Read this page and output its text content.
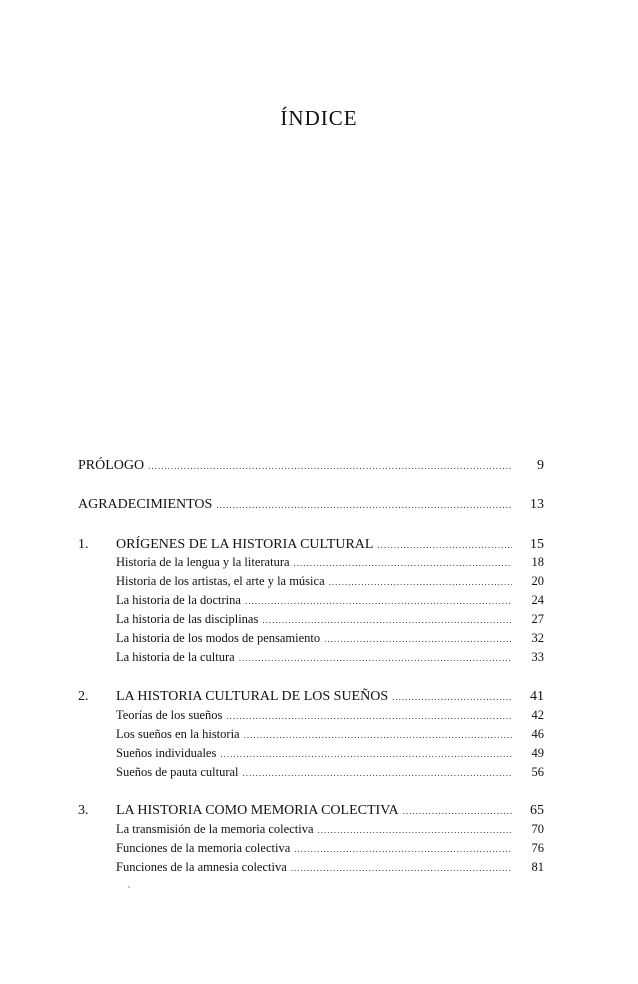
ÍNDICE
PRÓLOGO .....	9
AGRADECIMIENTOS .....	13
1.	ORÍGENES DE LA HISTORIA CULTURAL .....	15
Historia de la lengua y la literatura .....	18
Historia de los artistas, el arte y la música .....	20
La historia de la doctrina .....	24
La historia de las disciplinas .....	27
La historia de los modos de pensamiento .....	32
La historia de la cultura .....	33
2.	LA HISTORIA CULTURAL DE LOS SUEÑOS .....	41
Teorías de los sueños .....	42
Los sueños en la historia .....	46
Sueños individuales .....	49
Sueños de pauta cultural .....	56
3.	LA HISTORIA COMO MEMORIA COLECTIVA .....	65
La transmisión de la memoria colectiva .....	70
Funciones de la memoria colectiva .....	76
Funciones de la amnesia colectiva .....	81
